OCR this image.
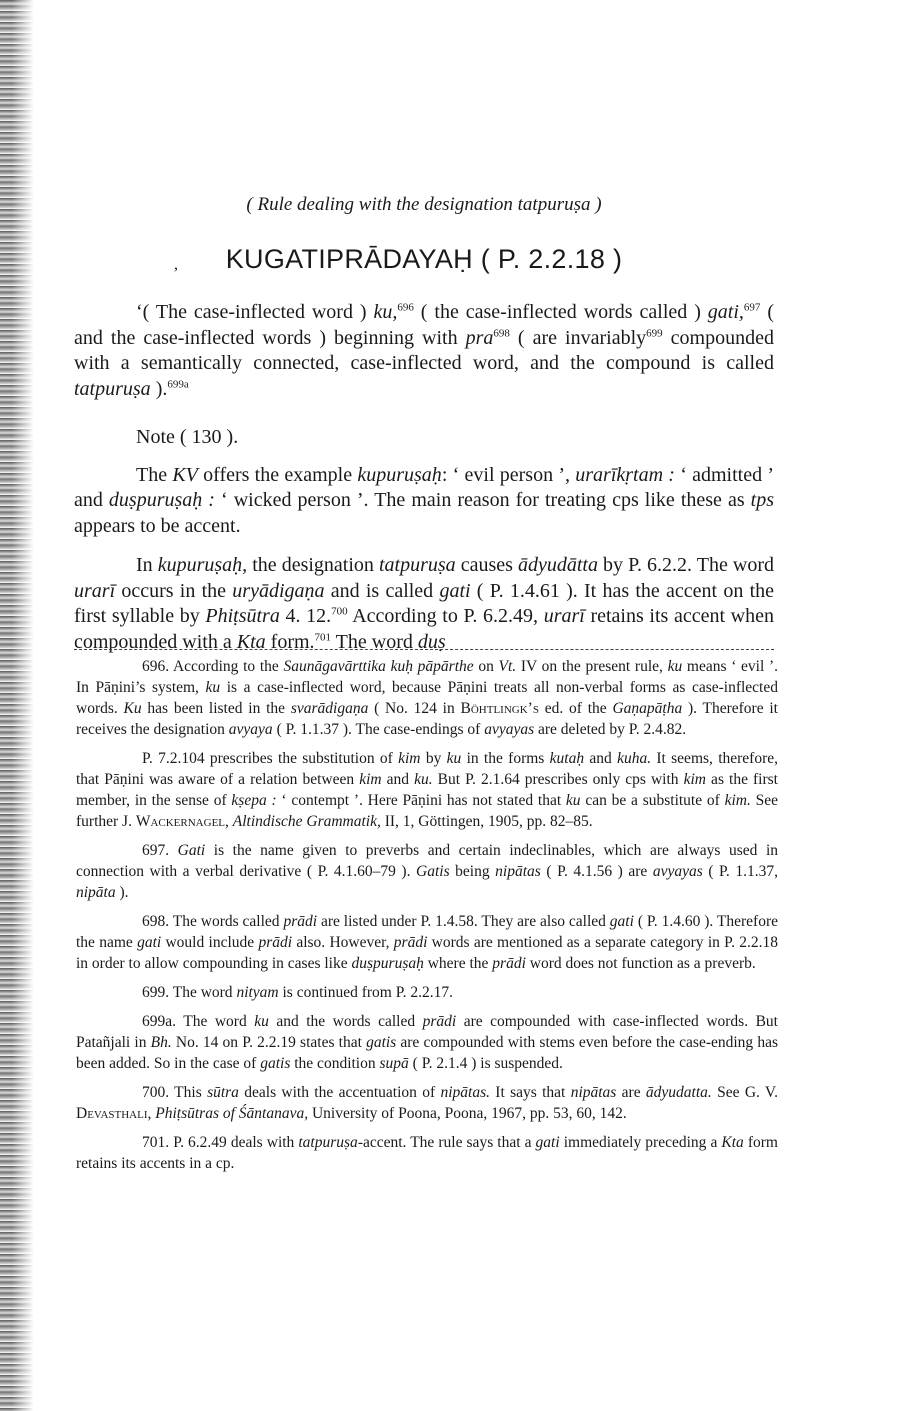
( Rule dealing with the designation tatpuruṣa )

,	KUGATIPRĀDAYAḤ ( P. 2.2.18 )

‘( The case-inflected word ) ku,$^{696}$ ( the case-inflected words called ) gati,$^{697}$ ( and the case-inflected words ) beginning with pra$^{698}$ ( are invariably$^{699}$ compounded with a semantically connected, case-inflected word, and the compound is called tatpuruṣa ).$^{699a}$

Note ( 130 ).

The KV offers the example kupuruṣaḥ: ‘ evil person ’, urarīkṛtam : ‘ admitted ’ and duṣpuruṣaḥ : ‘ wicked person ’. The main reason for treating cps like these as tps appears to be accent.

In kupuruṣaḥ, the designation tatpuruṣa causes ādyudātta by P. 6.2.2. The word urarī occurs in the uryādigaṇa and is called gati ( P. 1.4.61 ). It has the accent on the first syllable by Phiṭsūtra 4. 12.$^{700}$ According to P. 6.2.49, urarī retains its accent when compounded with a Kta form.$^{701}$ The word duṣ

696. According to the Saunāgavārttika kuḥ pāpārthe on Vt. IV on the present rule, ku means ‘ evil ’. In Pāṇini’s system, ku is a case-inflected word, because Pāṇini treats all non-verbal forms as case-inflected words. Ku has been listed in the svarādigaṇa ( No. 124 in Böhtlingk’s ed. of the Gaṇapāṭha ). Therefore it receives the designation avyaya ( P. 1.1.37 ). The case-endings of avyayas are deleted by P. 2.4.82.

P. 7.2.104 prescribes the substitution of kim by ku in the forms kutaḥ and kuha. It seems, therefore, that Pāṇini was aware of a relation between kim and ku. But P. 2.1.64 prescribes only cps with kim as the first member, in the sense of kṣepa : ‘ contempt ’. Here Pāṇini has not stated that ku can be a substitute of kim. See further J. Wackernagel, Altindische Grammatik, II, 1, Göttingen, 1905, pp. 82–85.

697. Gati is the name given to preverbs and certain indeclinables, which are always used in connection with a verbal derivative ( P. 4.1.60–79 ). Gatis being nipātas ( P. 4.1.56 ) are avyayas ( P. 1.1.37, nipāta ).

698. The words called prādi are listed under P. 1.4.58. They are also called gati ( P. 1.4.60 ). Therefore the name gati would include prādi also. However, prādi words are mentioned as a separate category in P. 2.2.18 in order to allow compounding in cases like duṣpuruṣaḥ where the prādi word does not function as a preverb.

699. The word nityam is continued from P. 2.2.17.

699a. The word ku and the words called prādi are compounded with case-inflected words. But Patañjali in Bh. No. 14 on P. 2.2.19 states that gatis are compounded with stems even before the case-ending has been added. So in the case of gatis the condition supā ( P. 2.1.4 ) is suspended.

700. This sūtra deals with the accentuation of nipātas. It says that nipātas are ādyudatta. See G. V. Devasthali, Phiṭsūtras of Śāntanava, University of Poona, Poona, 1967, pp. 53, 60, 142.

701. P. 6.2.49 deals with tatpuruṣa-accent. The rule says that a gati immediately preceding a Kta form retains its accents in a cp.
